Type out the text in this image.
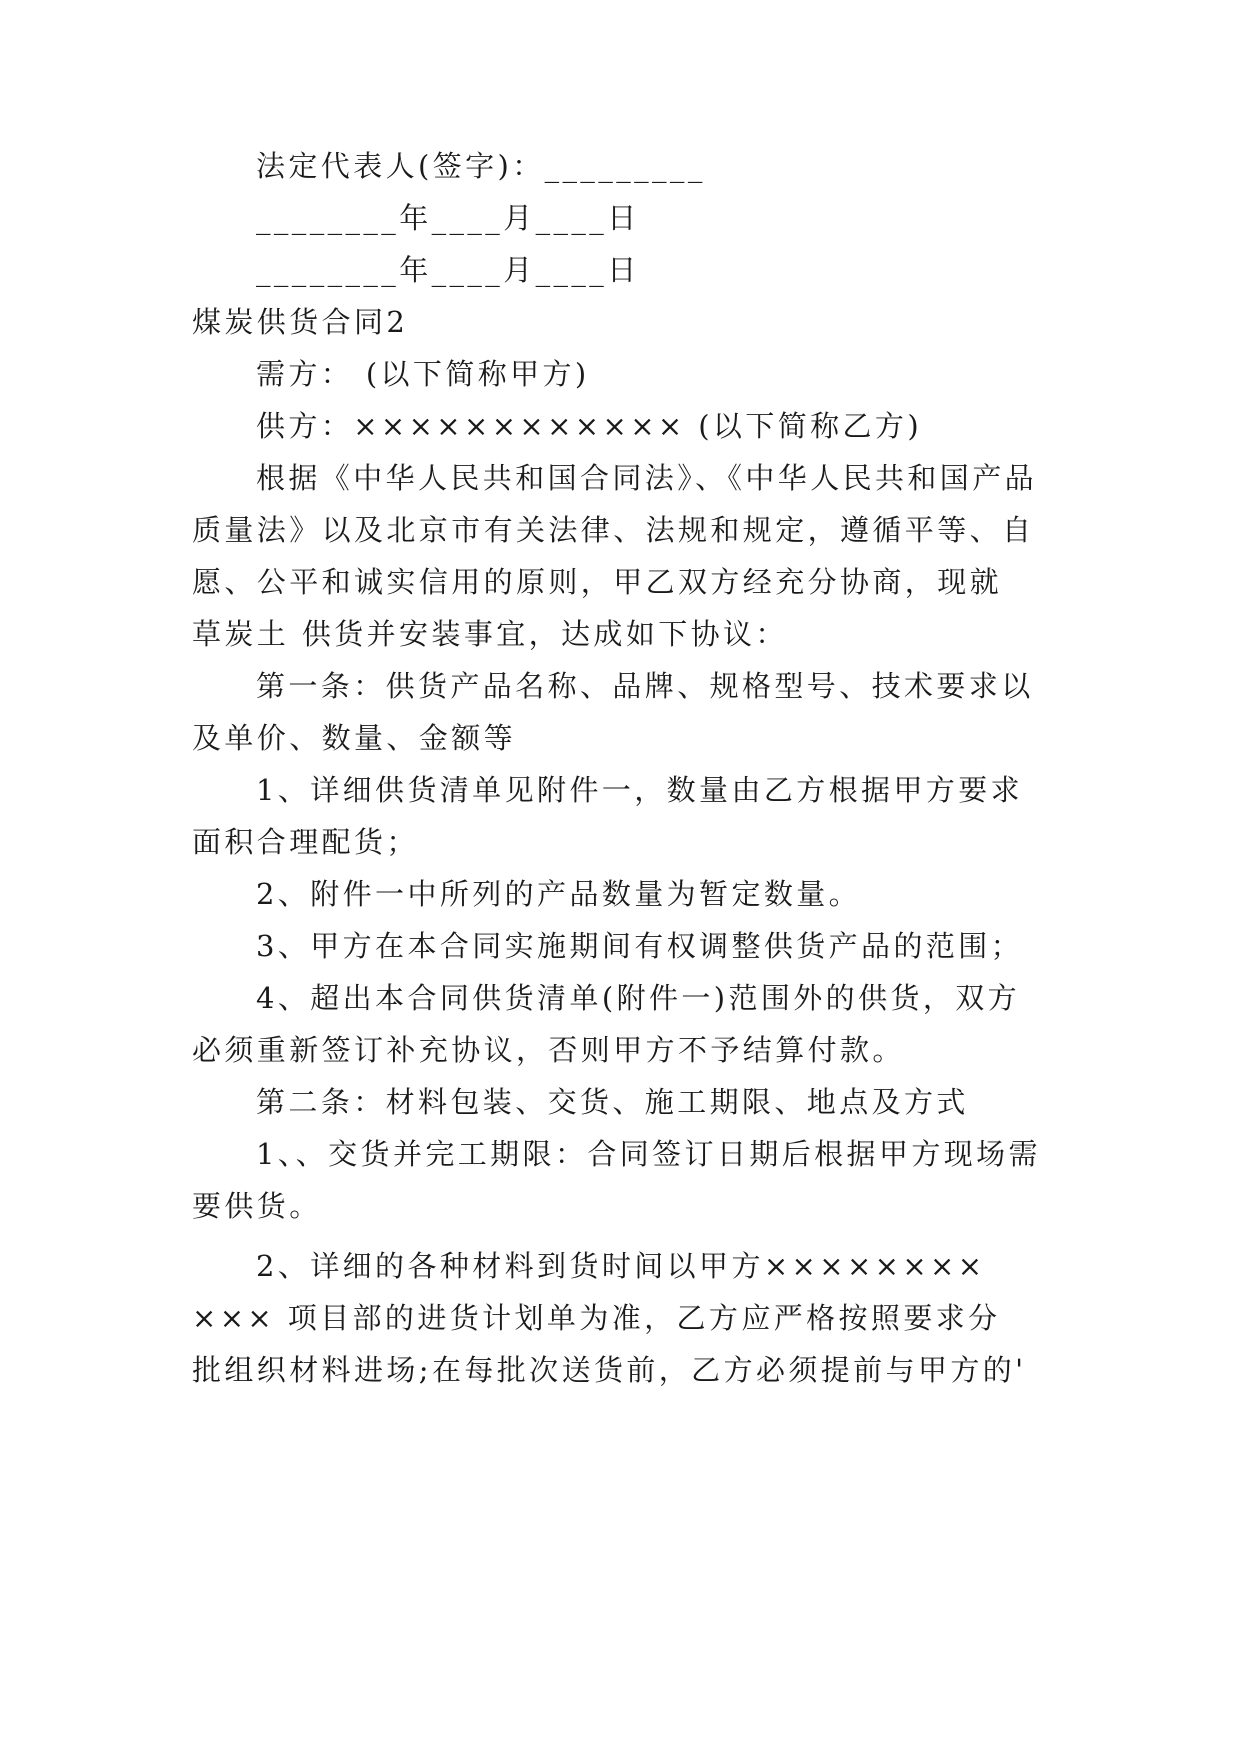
法定代表人(签字)：_________
________年____月____日
________年____月____日
煤炭供货合同2
需方： (以下简称甲方)
供方：×××××××××××× (以下简称乙方)
根据《中华人民共和国合同法》、《中华人民共和国产品
质量法》以及北京市有关法律、法规和规定，遵循平等、自
愿、公平和诚实信用的原则，甲乙双方经充分协商，现就
草炭土 供货并安装事宜，达成如下协议：
第一条：供货产品名称、品牌、规格型号、技术要求以
及单价、数量、金额等
1、详细供货清单见附件一，数量由乙方根据甲方要求
面积合理配货；
2、附件一中所列的产品数量为暂定数量。
3、甲方在本合同实施期间有权调整供货产品的范围；
4、超出本合同供货清单(附件一)范围外的供货，双方
必须重新签订补充协议，否则甲方不予结算付款。
第二条：材料包装、交货、施工期限、地点及方式
1、、交货并完工期限：合同签订日期后根据甲方现场需
要供货。
2、详细的各种材料到货时间以甲方××××××××
××× 项目部的进货计划单为准，乙方应严格按照要求分
批组织材料进场;在每批次送货前，乙方必须提前与甲方的'
